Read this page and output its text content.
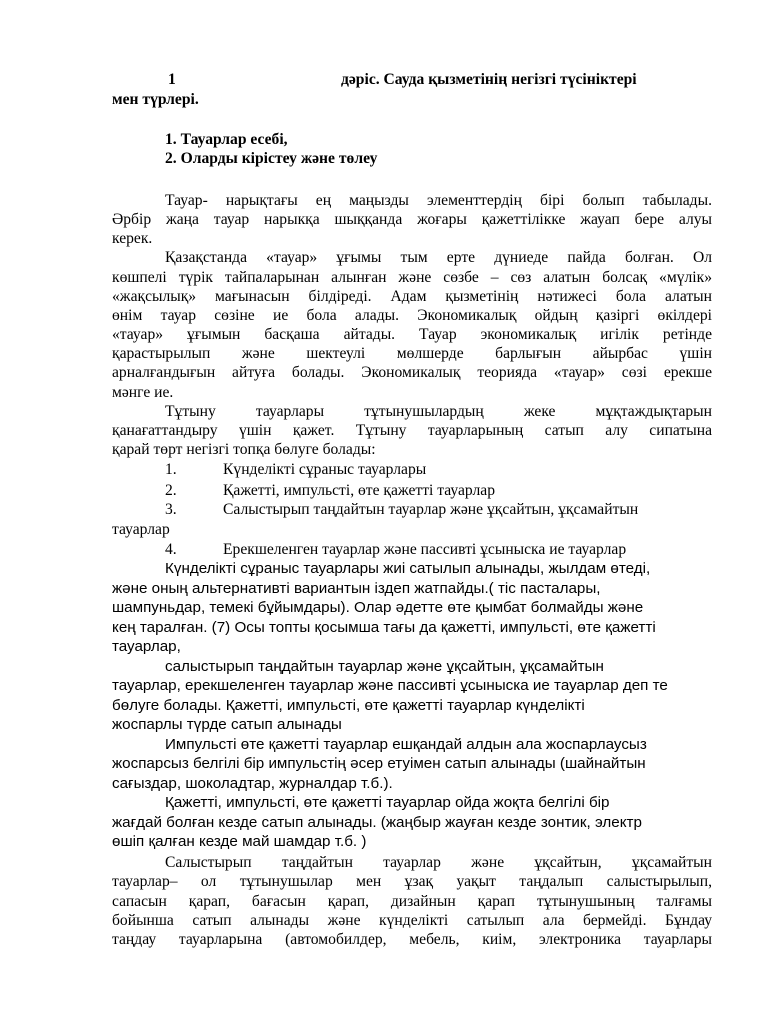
1	дәріс. Сауда қызметінің негізгі түсініктері
мен түрлері.
1. Тауарлар есебі,
2. Оларды кірістеу және төлеу
Тауар- нарықтағы ең маңызды элементтердің бірі болып табылады.
Әрбір жаңа тауар нарыкқа шыққанда жоғары қажеттілікке жауап бере алуы
керек.
Қазақстанда «тауар» ұғымы тым ерте дүниеде пайда болған. Ол
көшпелі түрік тайпаларынан алынған және сөзбе – сөз алатын болсақ «мүлік»
«жақсылық» мағынасын білдіреді. Адам қызметінің нәтижесі бола алатын
өнім тауар сөзіне ие бола алады. Экономикалық ойдың қазіргі өкілдері
«тауар» ұғымын басқаша айтады. Тауар экономикалық игілік ретінде
қарастырылып және шектеулі мөлшерде барлығын айырбас үшін
арналғандығын айтуға болады. Экономикалық теорияда «тауар» сөзі ерекше
мәнге ие.
Тұтыну тауарлары тұтынушылардың жеке мұқтаждықтарын
қанағаттандыру үшін қажет. Тұтыну тауарларының сатып алу сипатына
қарай төрт негізгі топқа бөлуге болады:
1.	Күнделікті сұраныс тауарлары
2.	Қажетті, импульсті, өте қажетті тауарлар
3.	Салыстырып таңдайтын тауарлар және ұқсайтын, ұқсамайтын
тауарлар
4.	Ерекшеленген тауарлар және пассивті ұсыныска ие тауарлар
Күнделікті сұраныс тауарлары жиі сатылып алынады, жылдам өтеді,
және оның альтернативті вариантын іздеп жатпайды.( тіс пасталары,
шампуньдар, темекі бұйымдары). Олар әдетте өте қымбат болмайды және
кең таралған. (7) Осы топты қосымша тағы да қажетті, импульсті, өте қажетті
тауарлар,
салыстырып таңдайтын тауарлар және ұқсайтын, ұқсамайтын
тауарлар, ерекшеленген тауарлар және пассивті ұсыныска ие тауарлар деп те
бөлуге болады. Қажетті, импульсті, өте қажетті тауарлар күнделікті
жоспарлы түрде сатып алынады
Импульсті өте қажетті тауарлар ешқандай алдын ала жоспарлаусыз
жоспарсыз белгілі бір импульстің әсер етуімен сатып алынады (шайнайтын
сағыздар, шоколадтар, журналдар т.б.).
Қажетті, импульсті, өте қажетті тауарлар ойда жоқта белгілі бір
жағдай болған кезде сатып алынады. (жаңбыр жауған кезде зонтик, электр
өшіп қалған кезде май шамдар т.б. )
Салыстырып таңдайтын тауарлар және ұқсайтын, ұқсамайтын
тауарлар– ол тұтынушылар мен ұзақ уақыт таңдалып салыстырылып,
сапасын қарап, бағасын қарап, дизайнын қарап тұтынушының талғамы
бойынша сатып алынады және күнделікті сатылып ала бермейді. Бұндау
таңдау тауарларына (автомобилдер, мебель, киім, электроника тауарлары
